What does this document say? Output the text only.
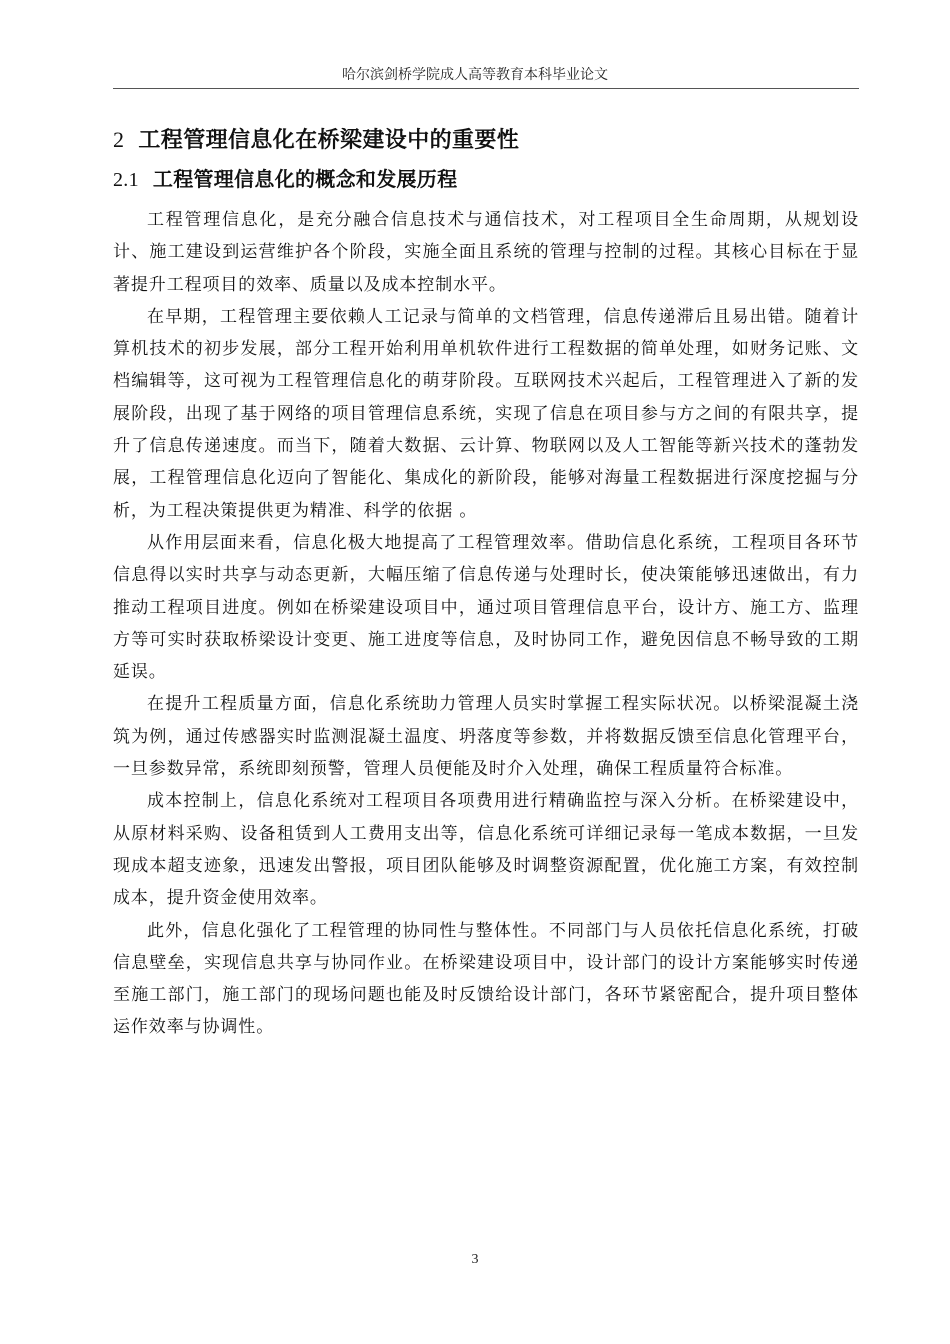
哈尔滨剑桥学院成人高等教育本科毕业论文
2 工程管理信息化在桥梁建设中的重要性
2.1 工程管理信息化的概念和发展历程

工程管理信息化，是充分融合信息技术与通信技术，对工程项目全生命周期，从规划设计、施工建设到运营维护各个阶段，实施全面且系统的管理与控制的过程。其核心目标在于显著提升工程项目的效率、质量以及成本控制水平。

在早期，工程管理主要依赖人工记录与简单的文档管理，信息传递滞后且易出错。随着计算机技术的初步发展，部分工程开始利用单机软件进行工程数据的简单处理，如财务记账、文档编辑等，这可视为工程管理信息化的萌芽阶段。互联网技术兴起后，工程管理进入了新的发展阶段，出现了基于网络的项目管理信息系统，实现了信息在项目参与方之间的有限共享，提升了信息传递速度。而当下，随着大数据、云计算、物联网以及人工智能等新兴技术的蓬勃发展，工程管理信息化迈向了智能化、集成化的新阶段，能够对海量工程数据进行深度挖掘与分析，为工程决策提供更为精准、科学的依据 。

从作用层面来看，信息化极大地提高了工程管理效率。借助信息化系统，工程项目各环节信息得以实时共享与动态更新，大幅压缩了信息传递与处理时长，使决策能够迅速做出，有力推动工程项目进度。例如在桥梁建设项目中，通过项目管理信息平台，设计方、施工方、监理方等可实时获取桥梁设计变更、施工进度等信息，及时协同工作，避免因信息不畅导致的工期延误。

在提升工程质量方面，信息化系统助力管理人员实时掌握工程实际状况。以桥梁混凝土浇筑为例，通过传感器实时监测混凝土温度、坍落度等参数，并将数据反馈至信息化管理平台，一旦参数异常，系统即刻预警，管理人员便能及时介入处理，确保工程质量符合标准。

成本控制上，信息化系统对工程项目各项费用进行精确监控与深入分析。在桥梁建设中，从原材料采购、设备租赁到人工费用支出等，信息化系统可详细记录每一笔成本数据，一旦发现成本超支迹象，迅速发出警报，项目团队能够及时调整资源配置，优化施工方案，有效控制成本，提升资金使用效率。

此外，信息化强化了工程管理的协同性与整体性。不同部门与人员依托信息化系统，打破信息壁垒，实现信息共享与协同作业。在桥梁建设项目中，设计部门的设计方案能够实时传递至施工部门，施工部门的现场问题也能及时反馈给设计部门，各环节紧密配合，提升项目整体运作效率与协调性。

3
